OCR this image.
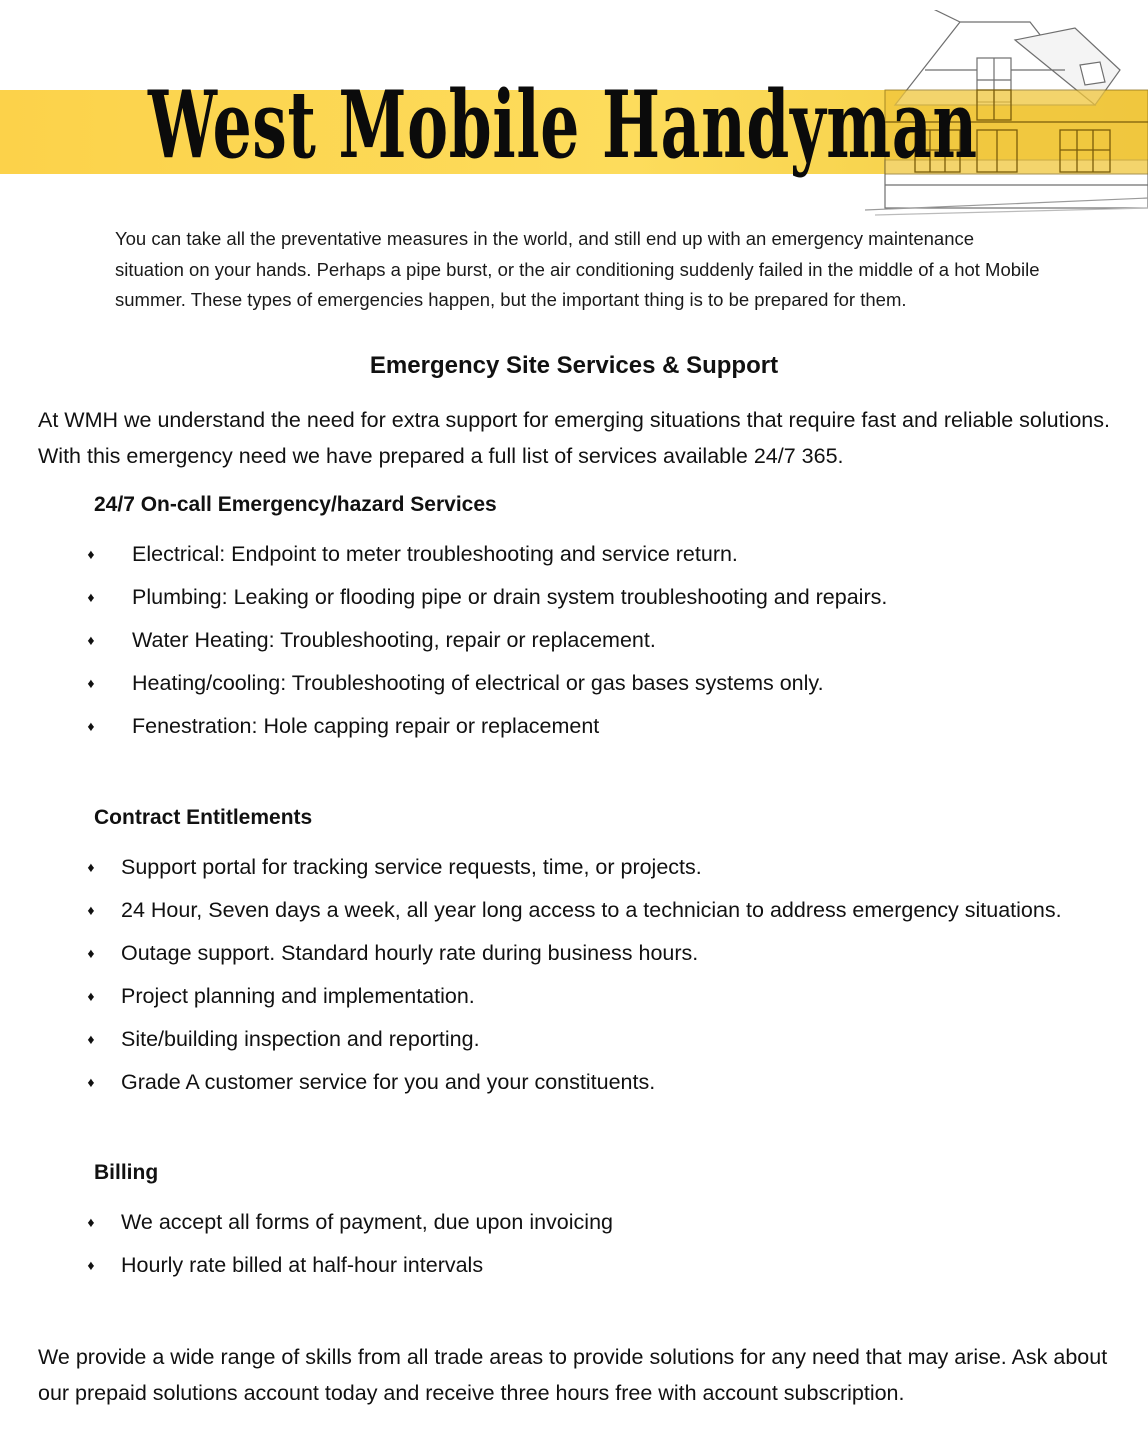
West Mobile Handyman
You can take all the preventative measures in the world, and still end up with an emergency maintenance situation on your hands. Perhaps a pipe burst, or the air conditioning suddenly failed in the middle of a hot Mobile summer. These types of emergencies happen, but the important thing is to be prepared for them.
Emergency Site Services & Support
At WMH we understand the need for extra support for emerging situations that require fast and reliable solutions. With this emergency need we have prepared a full list of services available 24/7 365.
24/7 On-call Emergency/hazard Services
♦ Electrical: Endpoint to meter troubleshooting and service return.
♦ Plumbing: Leaking or flooding pipe or drain system troubleshooting and repairs.
♦ Water Heating: Troubleshooting, repair or replacement.
♦ Heating/cooling: Troubleshooting of electrical or gas bases systems only.
♦ Fenestration: Hole capping repair or replacement
Contract Entitlements
♦ Support portal for tracking service requests, time, or projects.
♦ 24 Hour, Seven days a week, all year long access to a technician to address emergency situations.
♦ Outage support. Standard hourly rate during business hours.
♦ Project planning and implementation.
♦ Site/building inspection and reporting.
♦ Grade A customer service for you and your constituents.
Billing
♦ We accept all forms of payment, due upon invoicing
♦ Hourly rate billed at half-hour intervals
We provide a wide range of skills from all trade areas to provide solutions for any need that may arise. Ask about our prepaid solutions account today and receive three hours free with account subscription.
